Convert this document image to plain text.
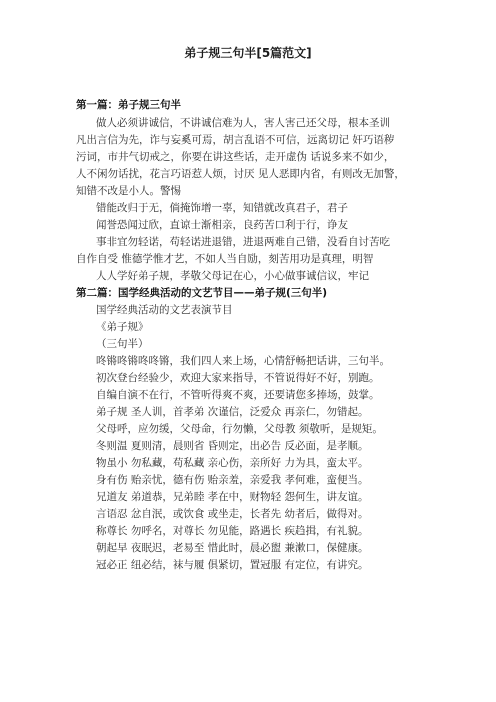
弟子规三句半[5篇范文]
第一篇：弟子规三句半
做人必须讲诚信，不讲诚信难为人，害人害己还父母，根本圣训
凡出言信为先，诈与妄奚可焉，胡言乱语不可信，远离切记 奸巧语秽
污词，市井气切戒之，你要在讲这些话，走开虚伪 话说多来不如少，
人不闲勿话扰，花言巧语惹人烦，讨厌 见人恶即内省，有则改无加警，
知错不改是小人。警惕
错能改归于无，倘掩饰增一辜，知错就改真君子，君子
闻誉恐闻过欣，直谅士渐相亲，良药苦口利于行，诤友
事非宜勿轻诺，苟轻诺进退错，进退两难自己错，没看自讨苦吃
自作自受 惟德学惟才艺，不如人当自励，刻苦用功是真理，明智
人人学好弟子规，孝敬父母记在心，小心做事诚信议，牢记
第二篇：国学经典活动的文艺节目——弟子规(三句半)
国学经典活动的文艺表演节目
《弟子规》
（三句半）
咚锵咚锵咚咚锵，我们四人来上场，心情舒畅把话讲，三句半。
初次登台经验少，欢迎大家来指导，不管说得好不好，别跑。
自编自演不在行，不管听得爽不爽，还要请您多捧场，鼓掌。
弟子规 圣人训，首孝弟 次谨信，泛爱众 再亲仁，勿错起。
父母呼，应勿缓，父母命，行勿懒，父母教 须敬听，是规矩。
冬则温 夏则清，晨则省 昏则定，出必告 反必面，是孝顺。
物虽小 勿私藏，苟私藏 亲心伤，亲所好 力为具，蛮太平。
身有伤 贻亲忧，德有伤 贻亲羞，亲爱我 孝何难，蛮便当。
兄道友 弟道恭，兄弟睦 孝在中，财物轻 怨何生，讲友谊。
言语忍 忿自泯，或饮食 或坐走，长者先 幼者后，做得对。
称尊长 勿呼名，对尊长 勿见能，路遇长 疾趋揖，有礼貌。
朝起早 夜眠迟，老易至 惜此时，晨必盥 兼漱口，保健康。
冠必正 纽必结，袜与履 俱紧切，置冠服 有定位，有讲究。
